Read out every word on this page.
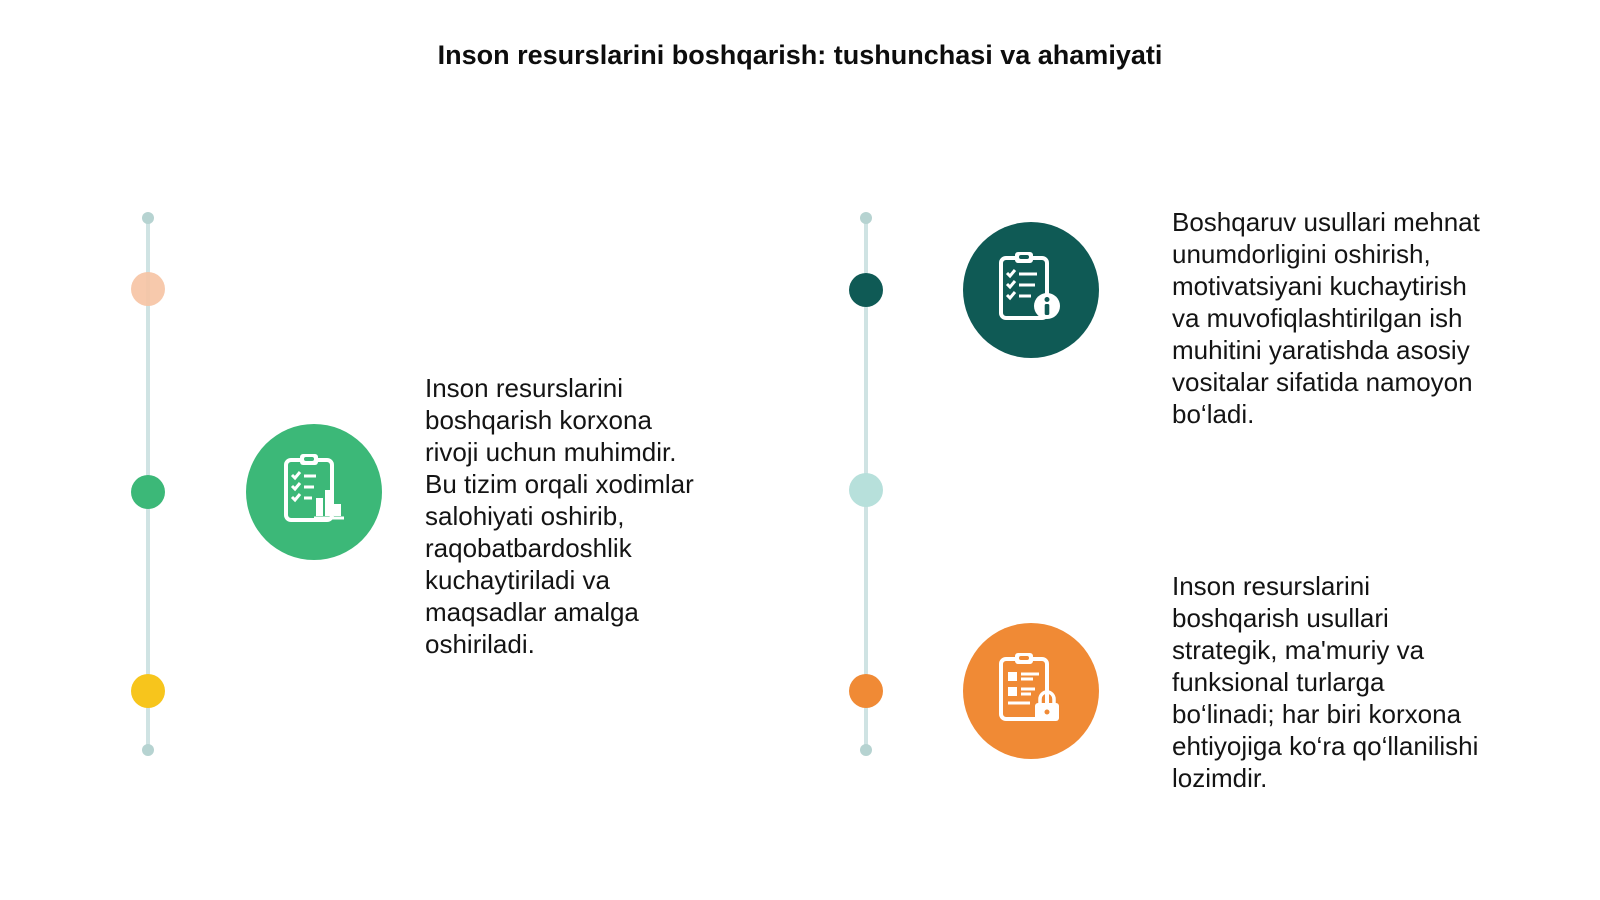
Inson resurslarini boshqarish: tushunchasi va ahamiyati
Inson resurslarini
boshqarish korxona
rivoji uchun muhimdir.
Bu tizim orqali xodimlar
salohiyati oshirib,
raqobatbardoshlik
kuchaytiriladi va
maqsadlar amalga
oshiriladi.
Boshqaruv usullari mehnat
unumdorligini oshirish,
motivatsiyani kuchaytirish
va muvofiqlashtirilgan ish
muhitini yaratishda asosiy
vositalar sifatida namoyon
bo‘ladi.
Inson resurslarini
boshqarish usullari
strategik, ma'muriy va
funksional turlarga
bo‘linadi; har biri korxona
ehtiyojiga ko‘ra qo‘llanilishi
lozimdir.
